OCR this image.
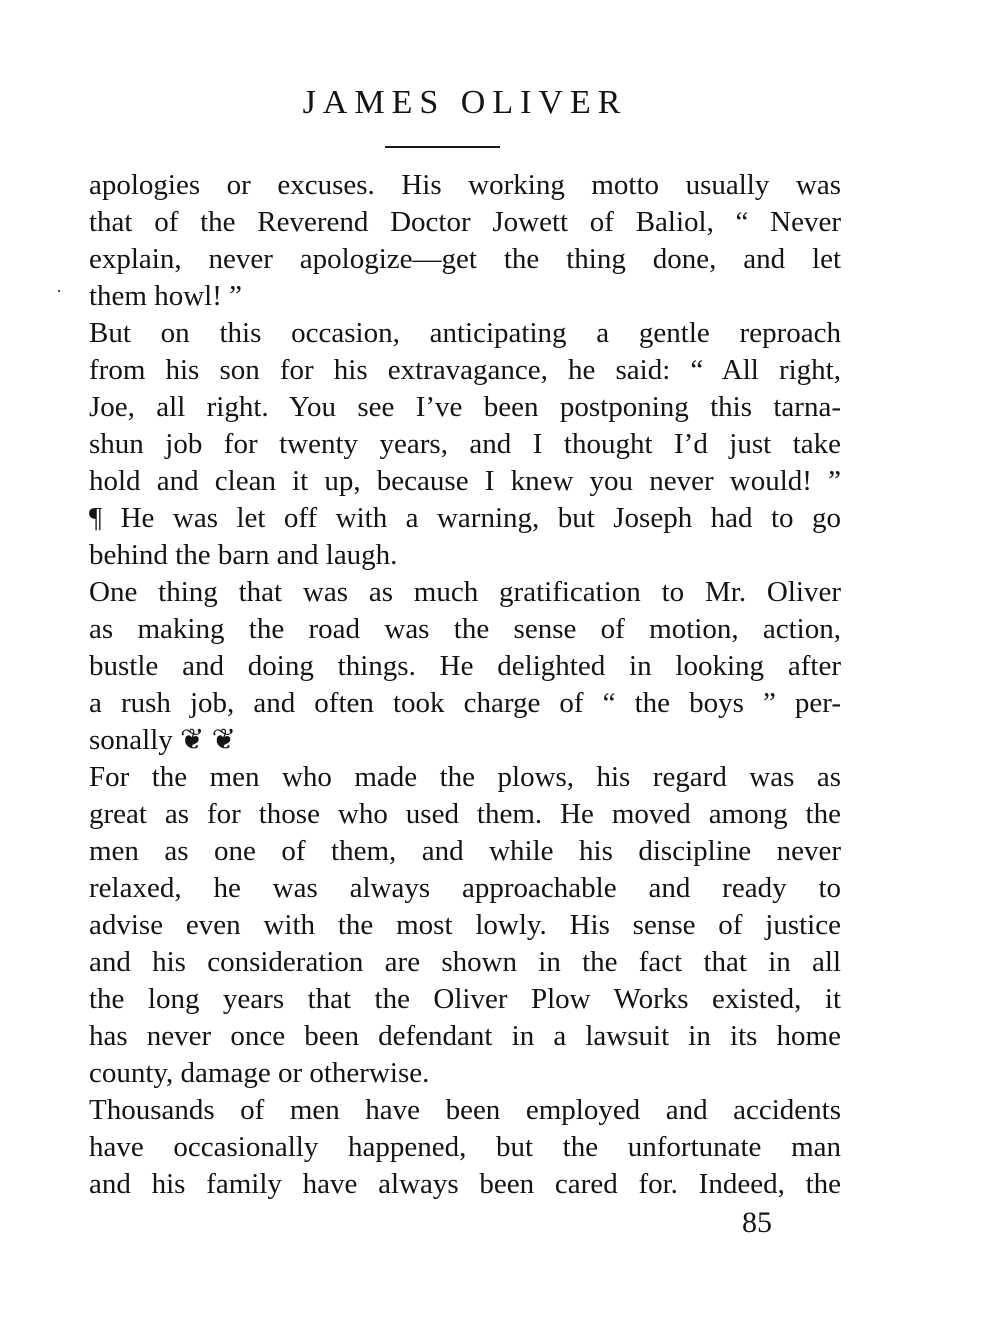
JAMES OLIVER
apologies or excuses. His working motto usually was
that of the Reverend Doctor Jowett of Baliol, “ Never
explain, never apologize—get the thing done, and let
them howl! ”
But on this occasion, anticipating a gentle reproach
from his son for his extravagance, he said: “ All right,
Joe, all right. You see I’ve been postponing this tarna-
shun job for twenty years, and I thought I’d just take
hold and clean it up, because I knew you never would! ”
¶ He was let off with a warning, but Joseph had to go
behind the barn and laugh.
One thing that was as much gratification to Mr. Oliver
as making the road was the sense of motion, action,
bustle and doing things. He delighted in looking after
a rush job, and often took charge of “ the boys ” per-
sonally ❦ ❦
For the men who made the plows, his regard was as
great as for those who used them. He moved among the
men as one of them, and while his discipline never
relaxed, he was always approachable and ready to
advise even with the most lowly. His sense of justice
and his consideration are shown in the fact that in all
the long years that the Oliver Plow Works existed, it
has never once been defendant in a lawsuit in its home
county, damage or otherwise.
Thousands of men have been employed and accidents
have occasionally happened, but the unfortunate man
and his family have always been cared for. Indeed, the
85
